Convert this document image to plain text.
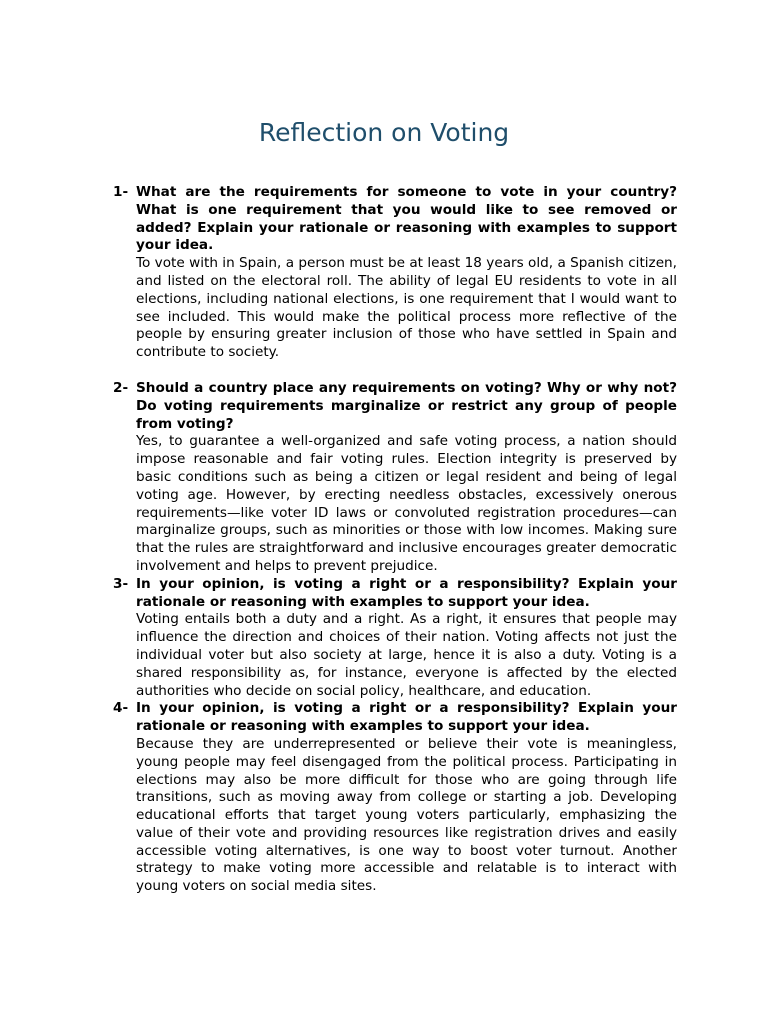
Reflection on Voting
1- What are the requirements for someone to vote in your country? What is one requirement that you would like to see removed or added? Explain your rationale or reasoning with examples to support your idea.

To vote with in Spain, a person must be at least 18 years old, a Spanish citizen, and listed on the electoral roll. The ability of legal EU residents to vote in all elections, including national elections, is one requirement that I would want to see included. This would make the political process more reflective of the people by ensuring greater inclusion of those who have settled in Spain and contribute to society.

2- Should a country place any requirements on voting? Why or why not? Do voting requirements marginalize or restrict any group of people from voting?

Yes, to guarantee a well-organized and safe voting process, a nation should impose reasonable and fair voting rules. Election integrity is preserved by basic conditions such as being a citizen or legal resident and being of legal voting age. However, by erecting needless obstacles, excessively onerous requirements—like voter ID laws or convoluted registration procedures—can marginalize groups, such as minorities or those with low incomes. Making sure that the rules are straightforward and inclusive encourages greater democratic involvement and helps to prevent prejudice.

3- In your opinion, is voting a right or a responsibility? Explain your rationale or reasoning with examples to support your idea.

Voting entails both a duty and a right. As a right, it ensures that people may influence the direction and choices of their nation. Voting affects not just the individual voter but also society at large, hence it is also a duty. Voting is a shared responsibility as, for instance, everyone is affected by the elected authorities who decide on social policy, healthcare, and education.

4- In your opinion, is voting a right or a responsibility? Explain your rationale or reasoning with examples to support your idea.

Because they are underrepresented or believe their vote is meaningless, young people may feel disengaged from the political process. Participating in elections may also be more difficult for those who are going through life transitions, such as moving away from college or starting a job. Developing educational efforts that target young voters particularly, emphasizing the value of their vote and providing resources like registration drives and easily accessible voting alternatives, is one way to boost voter turnout. Another strategy to make voting more accessible and relatable is to interact with young voters on social media sites.
